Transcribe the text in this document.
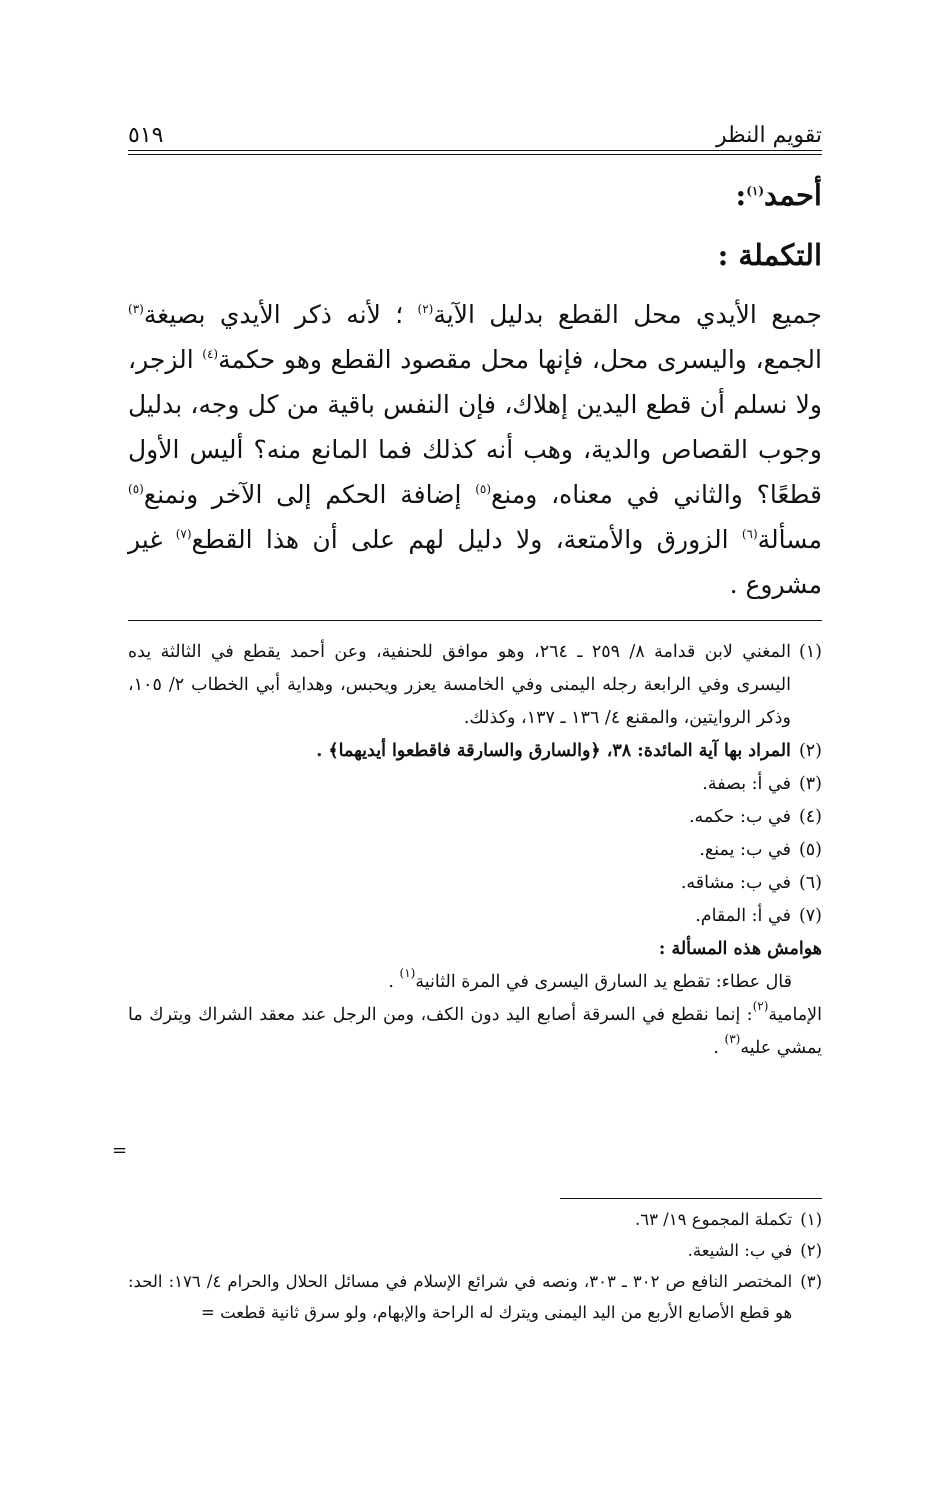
تقويم النظر
٥١٩
أحمد$^{(١)}$:
التكملة :

جميع الأيدي محل القطع بدليل الآية$^{(٢)}$ ؛ لأنه ذكر الأيدي بصيغة$^{(٣)}$ الجمع، واليسرى محل، فإنها محل مقصود القطع وهو حكمة$^{(٤)}$ الزجر، ولا نسلم أن قطع اليدين إهلاك، فإن النفس باقية من كل وجه، بدليل وجوب القصاص والدية، وهب أنه كذلك فما المانع منه؟ أليس الأول قطعًا؟ والثاني في معناه، ومنع$^{(٥)}$ إضافة الحكم إلى الآخر ونمنع$^{(٥)}$ مسألة$^{(٦)}$ الزورق والأمتعة، ولا دليل لهم على أن هذا القطع$^{(٧)}$ غير مشروع .

(١)
المغني لابن قدامة ٨/ ٢٥٩ ـ ٢٦٤، وهو موافق للحنفية، وعن أحمد يقطع في الثالثة يده اليسرى وفي الرابعة رجله اليمنى وفي الخامسة يعزر ويحبس، وهداية أبي الخطاب ٢/ ١٠٥، وذكر الروايتين، والمقنع ٤/ ١٣٦ ـ ١٣٧، وكذلك.
(٢)
المراد بها آية المائدة: ٣٨، ﴿والسارق والسارقة فاقطعوا أيديهما﴾ .
(٣)
في أ: بصفة.
(٤)
في ب: حكمه.
(٥)
في ب: يمنع.
(٦)
في ب: مشاقه.
(٧)
في أ: المقام.
هوامش هذه المسألة :
قال عطاء: تقطع يد السارق اليسرى في المرة الثانية$^{(١)}$ .
الإمامية$^{(٢)}$: إنما نقطع في السرقة أصابع اليد دون الكف، ومن الرجل عند معقد الشراك ويترك ما يمشي عليه$^{(٣)}$ .
=
(١)
تكملة المجموع ١٩/ ٦٣.
(٢)
في ب: الشيعة.
(٣)
المختصر النافع ص ٣٠٢ ـ ٣٠٣، ونصه في شرائع الإسلام في مسائل الحلال والحرام ٤/ ١٧٦: الحد: هو قطع الأصابع الأربع من اليد اليمنى ويترك له الراحة والإبهام، ولو سرق ثانية قطعت =
